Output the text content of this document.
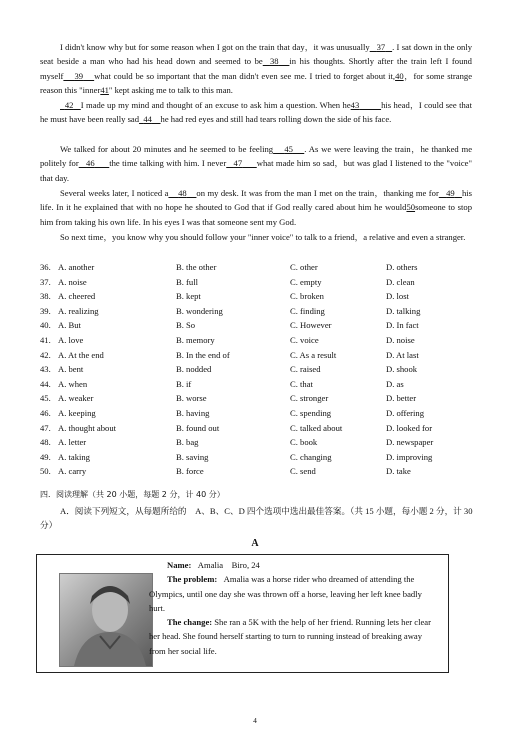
I didn't know why but for some reason when I got on the train that day，it was unusually 37 . I sat down in the only seat beside a man who had his head down and seemed to be 38 in his thoughts. Shortly after the train left I found myself 39 what could be so important that the man didn't even see me. I tried to forget about it,40，for some strange reason this "inner41" kept asking me to talk to this man.

42 I made up my mind and thought of an excuse to ask him a question. When he43	his head，I could see that he must have been really sad 44 he had red eyes and still had tears rolling down the side of his face.

We talked for about 20 minutes and he seemed to be feeling 45 . As we were leaving the train，he thanked me politely for 46 the time talking with him. I never 47 what made him so sad，but was glad I listened to the "voice" that day.

Several weeks later, I noticed a 48 on my desk. It was from the man I met on the train，thanking me for 49 his life. In it he explained that with no hope he shouted to God that if God really cared about him he would50someone to stop him from taking his own life. In his eyes I was that someone sent my God.

So next time，you know why you should follow your "inner voice" to talk to a friend，a relative and even a stranger.

36. A. another	B. the other	C. other	D. others
37. A. noise	B. full	C. empty	D. clean
38. A. cheered	B. kept	C. broken	D. lost
39. A. realizing	B. wondering	C. finding	D. talking
40. A. But	B. So	C. However	D. In fact
41. A. love	B. memory	C. voice	D. noise
42. A. At the end	B. In the end of	C. As a result	D. At last
43. A. bent	B. nodded	C. raised	D. shook
44. A. when	B. if	C. that	D. as
45. A. weaker	B. worse	C. stronger	D. better
46. A. keeping	B. having	C. spending	D. offering
47. A. thought about	B. found out	C. talked about	D. looked for
48. A. letter	B. bag	C. book	D. newspaper
49. A. taking	B. saving	C. changing	D. improving
50. A. carry	B. force	C. send	D. take

四．阅读理解（共 20 小题，每题 2 分，计 40 分）

A．阅读下列短文，从每题所给的　A、B、C、D 四个选项中选出最佳答案。（共 15 小题，每小题 2 分，计 30 分）

A

Name: Amalia　Biro, 24
The problem: Amalia was a horse rider who dreamed of attending the Olympics, until one day she was thrown off a horse, leaving her left knee badly hurt.
The change: She ran a 5K with the help of her friend. Running lets her clear her head. She found herself starting to turn to running instead of breaking away from her social life.

4
